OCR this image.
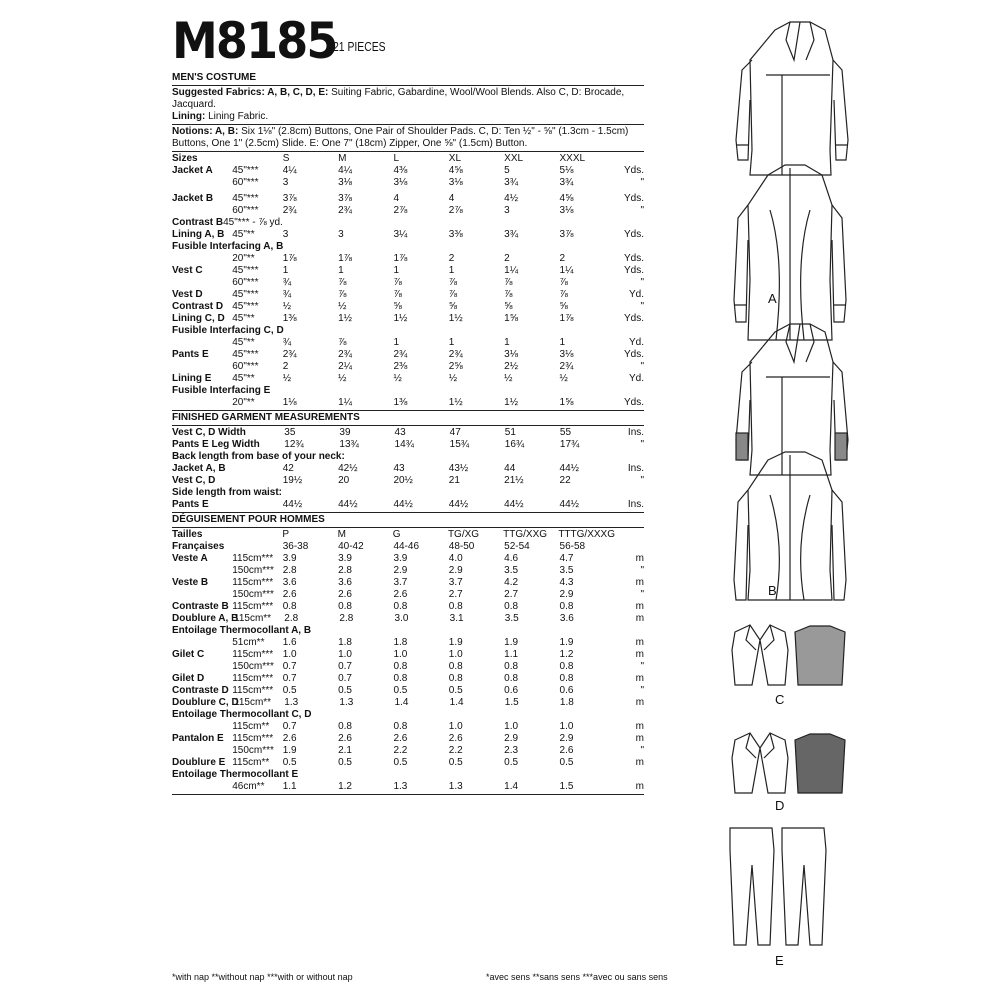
M8185
21 PIECES
MEN'S COSTUME
Suggested Fabrics: A, B, C, D, E: Suiting Fabric, Gabardine, Wool/Wool Blends. Also C, D: Brocade, Jacquard.
Lining: Lining Fabric.
Notions: A, B: Six 1⅛" (2.8cm) Buttons, One Pair of Shoulder Pads. C, D: Ten ½" - ⅝" (1.3cm - 1.5cm) Buttons, One 1" (2.5cm) Slide. E: One 7" (18cm) Zipper, One ⅝" (1.5cm) Button.
Sizes	S	M	L	XL	XXL	XXXL
Jacket A	45"***	4¼	4¼	4⅜	4⅝	5	5⅛	Yds.
60"***	3	3⅛	3⅛	3⅛	3¾	3¾	"
Jacket B	45"***	3⅞	3⅞	4	4	4½	4⅝	Yds.
60"***	2¾	2¾	2⅞	2⅞	3	3⅛	"
Contrast B 45"*** - ⅞ yd.
Lining A, B 45"**	3	3	3¼	3⅜	3¾	3⅞	Yds.
Fusible Interfacing A, B
20"**	1⅞	1⅞	1⅞	2	2	2	Yds.
Vest C	45"***	1	1	1	1	1¼	1¼	Yds.
60"***	¾	⅞	⅞	⅞	⅞	⅞	"
Vest D	45"***	¾	⅞	⅞	⅞	⅞	⅞	Yd.
Contrast D 45"***	½	½	⅝	⅝	⅝	⅝	"
Lining C, D 45"**	1⅜	1½	1½	1½	1⅝	1⅞	Yds.
Fusible Interfacing C, D
45"**	¾	⅞	1	1	1	1	Yd.
Pants E	45"***	2¾	2¾	2¾	2¾	3⅛	3⅛	Yds.
60"***	2	2¼	2⅜	2⅝	2½	2¾	"
Lining E	45"**	½	½	½	½	½	½	Yd.
Fusible Interfacing E
20"**	1⅛	1¼	1⅜	1½	1½	1⅝	Yds.
FINISHED GARMENT MEASUREMENTS
Vest C, D Width	35	39	43	47	51	55	Ins.
Pants E Leg Width 12¾	13¾	14¾	15¾	16¾	17¾	"
Back length from base of your neck:
Jacket A, B	42	42½	43	43½	44	44½	Ins.
Vest C, D	19½	20	20½	21	21½	22	"
Side length from waist:
Pants E	44½	44½	44½	44½	44½	44½	Ins.
DÉGUISEMENT POUR HOMMES
Tailles	P	M	G	TG/XG	TTG/XXG	TTTG/XXXG
Françaises	36-38	40-42	44-46	48-50	52-54	56-58
Veste A	115cm*** 3.9	3.9	3.9	4.0	4.6	4.7	m
150cm*** 2.8	2.8	2.9	2.9	3.5	3.5	"
Veste B	115cm*** 3.6	3.6	3.7	3.7	4.2	4.3	m
150cm*** 2.6	2.6	2.6	2.7	2.7	2.9	"
Contraste B 115cm*** 0.8	0.8	0.8	0.8	0.8	0.8	m
Doublure A, B
115cm**	2.8	2.8	3.0	3.1	3.5	3.6	m
Entoilage Thermocollant A, B
51cm**	1.6	1.8	1.8	1.9	1.9	1.9	m
Gilet C	115cm*** 1.0	1.0	1.0	1.0	1.1	1.2	m
150cm*** 0.7	0.7	0.8	0.8	0.8	0.8	"
Gilet D	115cm*** 0.7	0.7	0.8	0.8	0.8	0.8	m
Contraste D 115cm*** 0.5	0.5	0.5	0.5	0.6	0.6	"
Doublure C, D
115cm**	1.3	1.3	1.4	1.4	1.5	1.8	m
Entoilage Thermocollant C, D
115cm**	0.7	0.8	0.8	1.0	1.0	1.0	m
Pantalon E 115cm*** 2.6	2.6	2.6	2.6	2.9	2.9	m
150cm*** 1.9	2.1	2.2	2.2	2.3	2.6	"
Doublure E 115cm**	0.5	0.5	0.5	0.5	0.5	0.5	m
Entoilage Thermocollant E
46cm**	1.1	1.2	1.3	1.3	1.4	1.5	m
*with nap **without nap ***with or without nap	*avec sens **sans sens ***avec ou sans sens
A
B
C
D
E
